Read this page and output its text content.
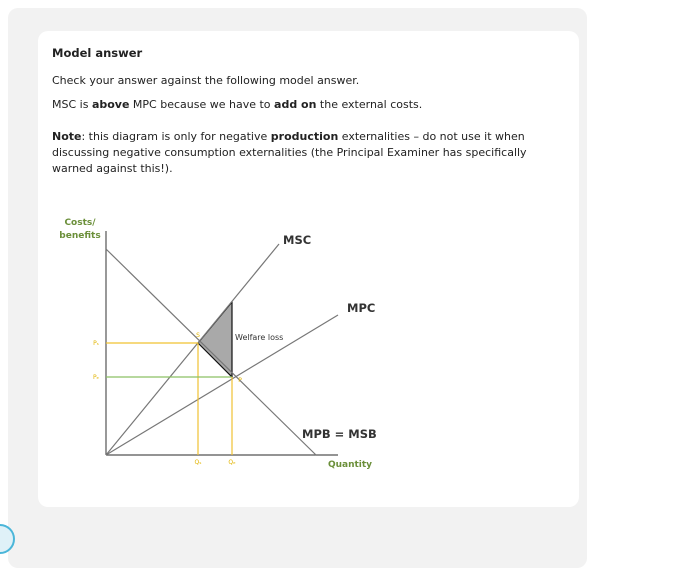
Model answer
Check your answer against the following model answer.
MSC is above MPC because we have to add on the external costs.
Note: this diagram is only for negative production externalities – do not use it when discussing negative consumption externalities (the Principal Examiner has specifically warned against this!).
Costs/
benefits
Quantity
MSC
MPC
MPB = MSB
Welfare loss
Pₛ
Pₑ
Qₛ	Qₑ
S
P
